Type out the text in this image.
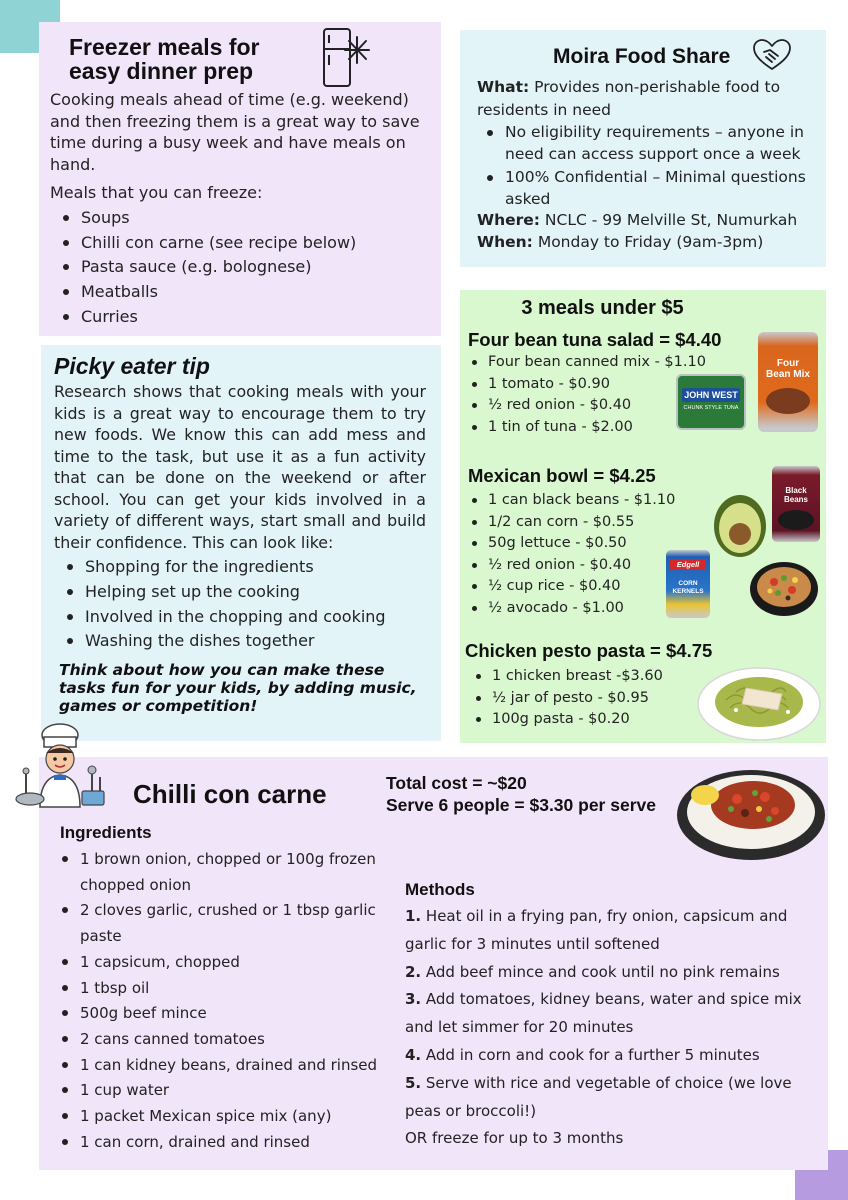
Freezer meals for
easy dinner prep

Cooking meals ahead of time (e.g. weekend) and then freezing them is a great way to save time during a busy week and have meals on hand.

Meals that you can freeze:

Soups
Chilli con carne (see recipe below)
Pasta sauce (e.g. bolognese)
Meatballs
Curries
Moira Food Share

What: Provides non-perishable food to residents in need

No eligibility requirements – anyone in need can access support once a week
100% Confidential – Minimal questions asked

Where: NCLC - 99 Melville St, Numurkah

When: Monday to Friday (9am-3pm)

Picky eater tip

Research shows that cooking meals with your kids is a great way to encourage them to try new foods. We know this can add mess and time to the task, but use it as a fun activity that can be done on the weekend or after school. You can get your kids involved in a variety of different ways, start small and build their confidence. This can look like:

Shopping for the ingredients
Helping set up the cooking
Involved in the chopping and cooking
Washing the dishes together

Think about how you can make these tasks fun for your kids, by adding music, games or competition!

3 meals under $5
Four bean tuna salad = $4.40
Four bean canned mix - $1.10
1 tomato - $0.90
½ red onion - $0.40
1 tin of tuna - $2.00
JOHN WEST
CHUNK STYLE TUNA
Four
Bean Mix
Mexican bowl = $4.25
1 can black beans - $1.10
1/2 can corn - $0.55
50g lettuce - $0.50
½ red onion - $0.40
½ cup rice - $0.40
½ avocado - $1.00
Black
Beans
Edgell
CORN
KERNELS
Chicken pesto pasta = $4.75
1 chicken breast -$3.60
½ jar of pesto - $0.95
100g pasta - $0.20
Chilli con carne	Total cost = ~$20
Serve 6 people = $3.30 per serve

Ingredients
1 brown onion, chopped or 100g frozen chopped onion
2 cloves garlic, crushed or 1 tbsp garlic paste
1 capsicum, chopped
1 tbsp oil
500g beef mince
2 cans canned tomatoes
1 can kidney beans, drained and rinsed
1 cup water
1 packet Mexican spice mix (any)
1 can corn, drained and rinsed
Methods
1. Heat oil in a frying pan, fry onion, capsicum and garlic for 3 minutes until softened
2. Add beef mince and cook until no pink remains
3. Add tomatoes, kidney beans, water and spice mix and let simmer for 20 minutes
4. Add in corn and cook for a further 5 minutes
5. Serve with rice and vegetable of choice (we love peas or broccoli!)
OR freeze for up to 3 months
